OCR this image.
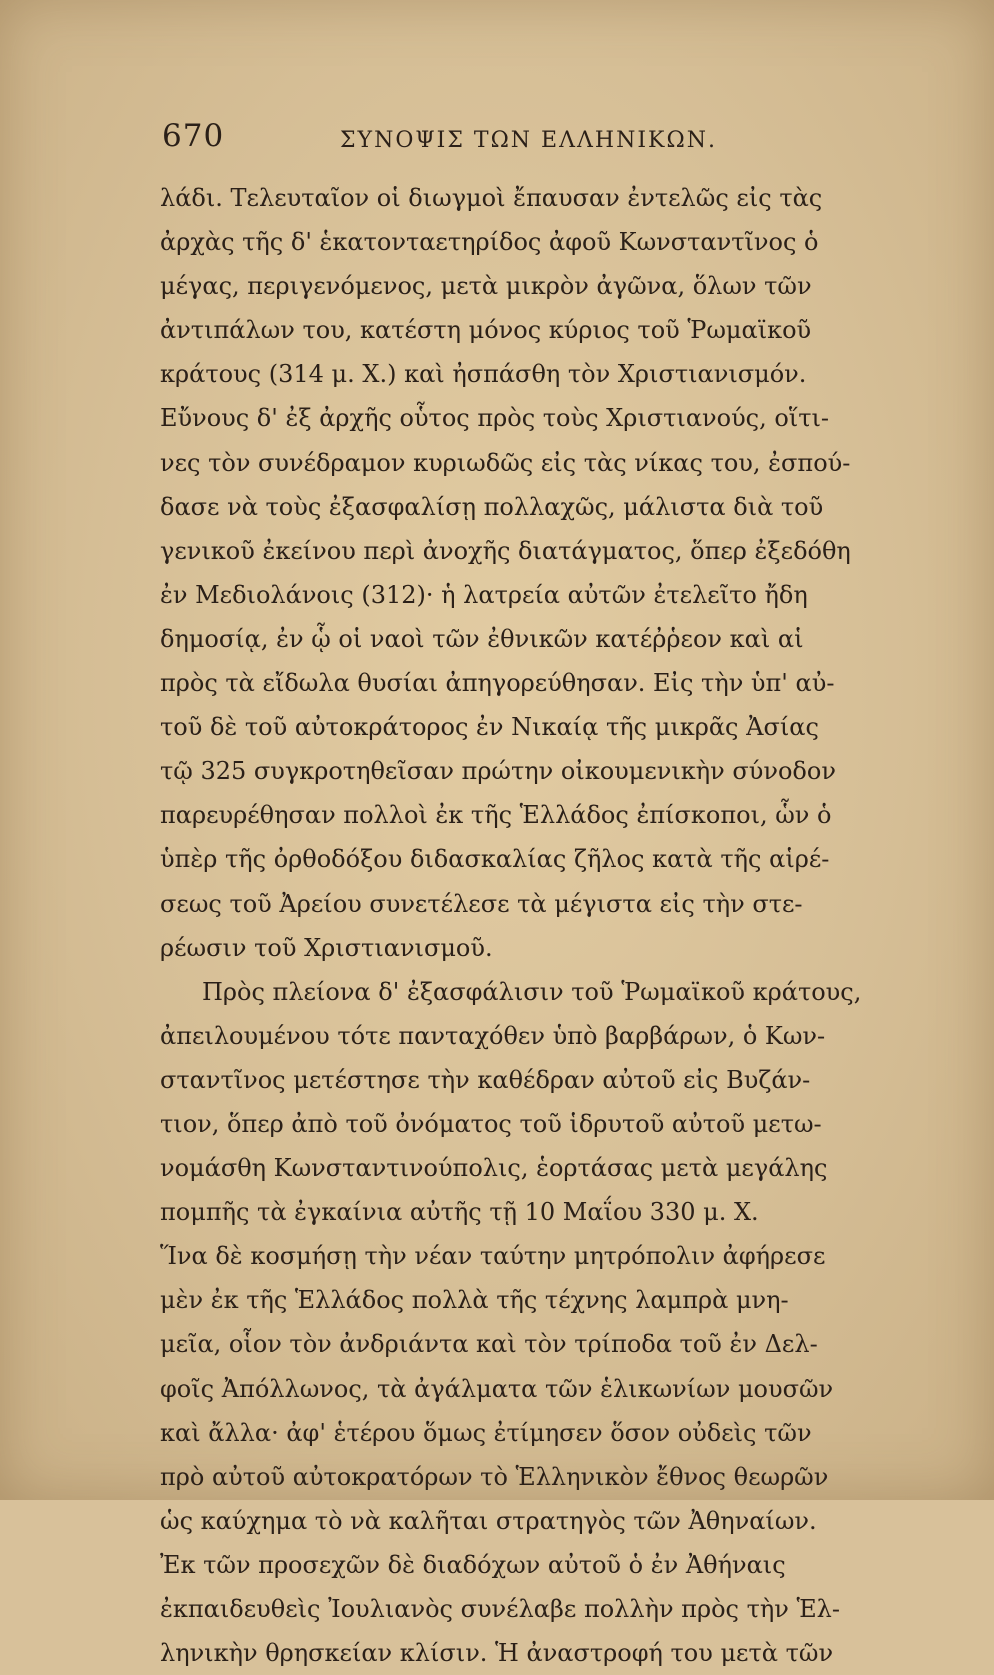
670	ΣΥΝΟΨΙΣ ΤΩΝ ΕΛΛΗΝΙΚΩΝ.
λάδι. Τελευταῖον οἱ διωγμοὶ ἔπαυσαν ἐντελῶς εἰς τὰς
ἀρχὰς τῆς δ' ἑκατονταετηρίδος ἀφοῦ Κωνσταντῖνος ὁ
μέγας, περιγενόμενος, μετὰ μικρὸν ἀγῶνα, ὅλων τῶν
ἀντιπάλων του, κατέστη μόνος κύριος τοῦ Ῥωμαϊκοῦ
κράτους (314 μ. Χ.) καὶ ἠσπάσθη τὸν Χριστιανισμόν.
Εὔνους δ' ἐξ ἀρχῆς οὗτος πρὸς τοὺς Χριστιανούς, οἵτι-
νες τὸν συνέδραμον κυριωδῶς εἰς τὰς νίκας του, ἐσπού-
δασε νὰ τοὺς ἐξασφαλίσῃ πολλαχῶς, μάλιστα διὰ τοῦ
γενικοῦ ἐκείνου περὶ ἀνοχῆς διατάγματος, ὅπερ ἐξεδόθη
ἐν Μεδιολάνοις (312)· ἡ λατρεία αὐτῶν ἐτελεῖτο ἤδη
δημοσίᾳ, ἐν ᾧ οἱ ναοὶ τῶν ἐθνικῶν κατέῤῥεον καὶ αἱ
πρὸς τὰ εἴδωλα θυσίαι ἀπηγορεύθησαν. Εἰς τὴν ὑπ' αὐ-
τοῦ δὲ τοῦ αὐτοκράτορος ἐν Νικαίᾳ τῆς μικρᾶς Ἀσίας
τῷ 325 συγκροτηθεῖσαν πρώτην οἰκουμενικὴν σύνοδον
παρευρέθησαν πολλοὶ ἐκ τῆς Ἑλλάδος ἐπίσκοποι, ὧν ὁ
ὑπὲρ τῆς ὀρθοδόξου διδασκαλίας ζῆλος κατὰ τῆς αἱρέ-
σεως τοῦ Ἀρείου συνετέλεσε τὰ μέγιστα εἰς τὴν στε-
ρέωσιν τοῦ Χριστιανισμοῦ.
Πρὸς πλείονα δ' ἐξασφάλισιν τοῦ Ῥωμαϊκοῦ κράτους,
ἀπειλουμένου τότε πανταχόθεν ὑπὸ βαρβάρων, ὁ Κων-
σταντῖνος μετέστησε τὴν καθέδραν αὐτοῦ εἰς Βυζάν-
τιον, ὅπερ ἀπὸ τοῦ ὀνόματος τοῦ ἱδρυτοῦ αὐτοῦ μετω-
νομάσθη Κωνσταντινούπολις, ἑορτάσας μετὰ μεγάλης
πομπῆς τὰ ἐγκαίνια αὐτῆς τῇ 10 Μαΐου 330 μ. Χ.
Ἵνα δὲ κοσμήσῃ τὴν νέαν ταύτην μητρόπολιν ἀφήρεσε
μὲν ἐκ τῆς Ἑλλάδος πολλὰ τῆς τέχνης λαμπρὰ μνη-
μεῖα, οἷον τὸν ἀνδριάντα καὶ τὸν τρίποδα τοῦ ἐν Δελ-
φοῖς Ἀπόλλωνος, τὰ ἀγάλματα τῶν ἑλικωνίων μουσῶν
καὶ ἄλλα· ἀφ' ἑτέρου ὅμως ἐτίμησεν ὅσον οὐδεὶς τῶν
πρὸ αὐτοῦ αὐτοκρατόρων τὸ Ἑλληνικὸν ἔθνος θεωρῶν
ὡς καύχημα τὸ νὰ καλῆται στρατηγὸς τῶν Ἀθηναίων.
Ἐκ τῶν προσεχῶν δὲ διαδόχων αὐτοῦ ὁ ἐν Ἀθήναις
ἐκπαιδευθεὶς Ἰουλιανὸς συνέλαβε πολλὴν πρὸς τὴν Ἑλ-
ληνικὴν θρησκείαν κλίσιν. Ἡ ἀναστροφή του μετὰ τῶν
